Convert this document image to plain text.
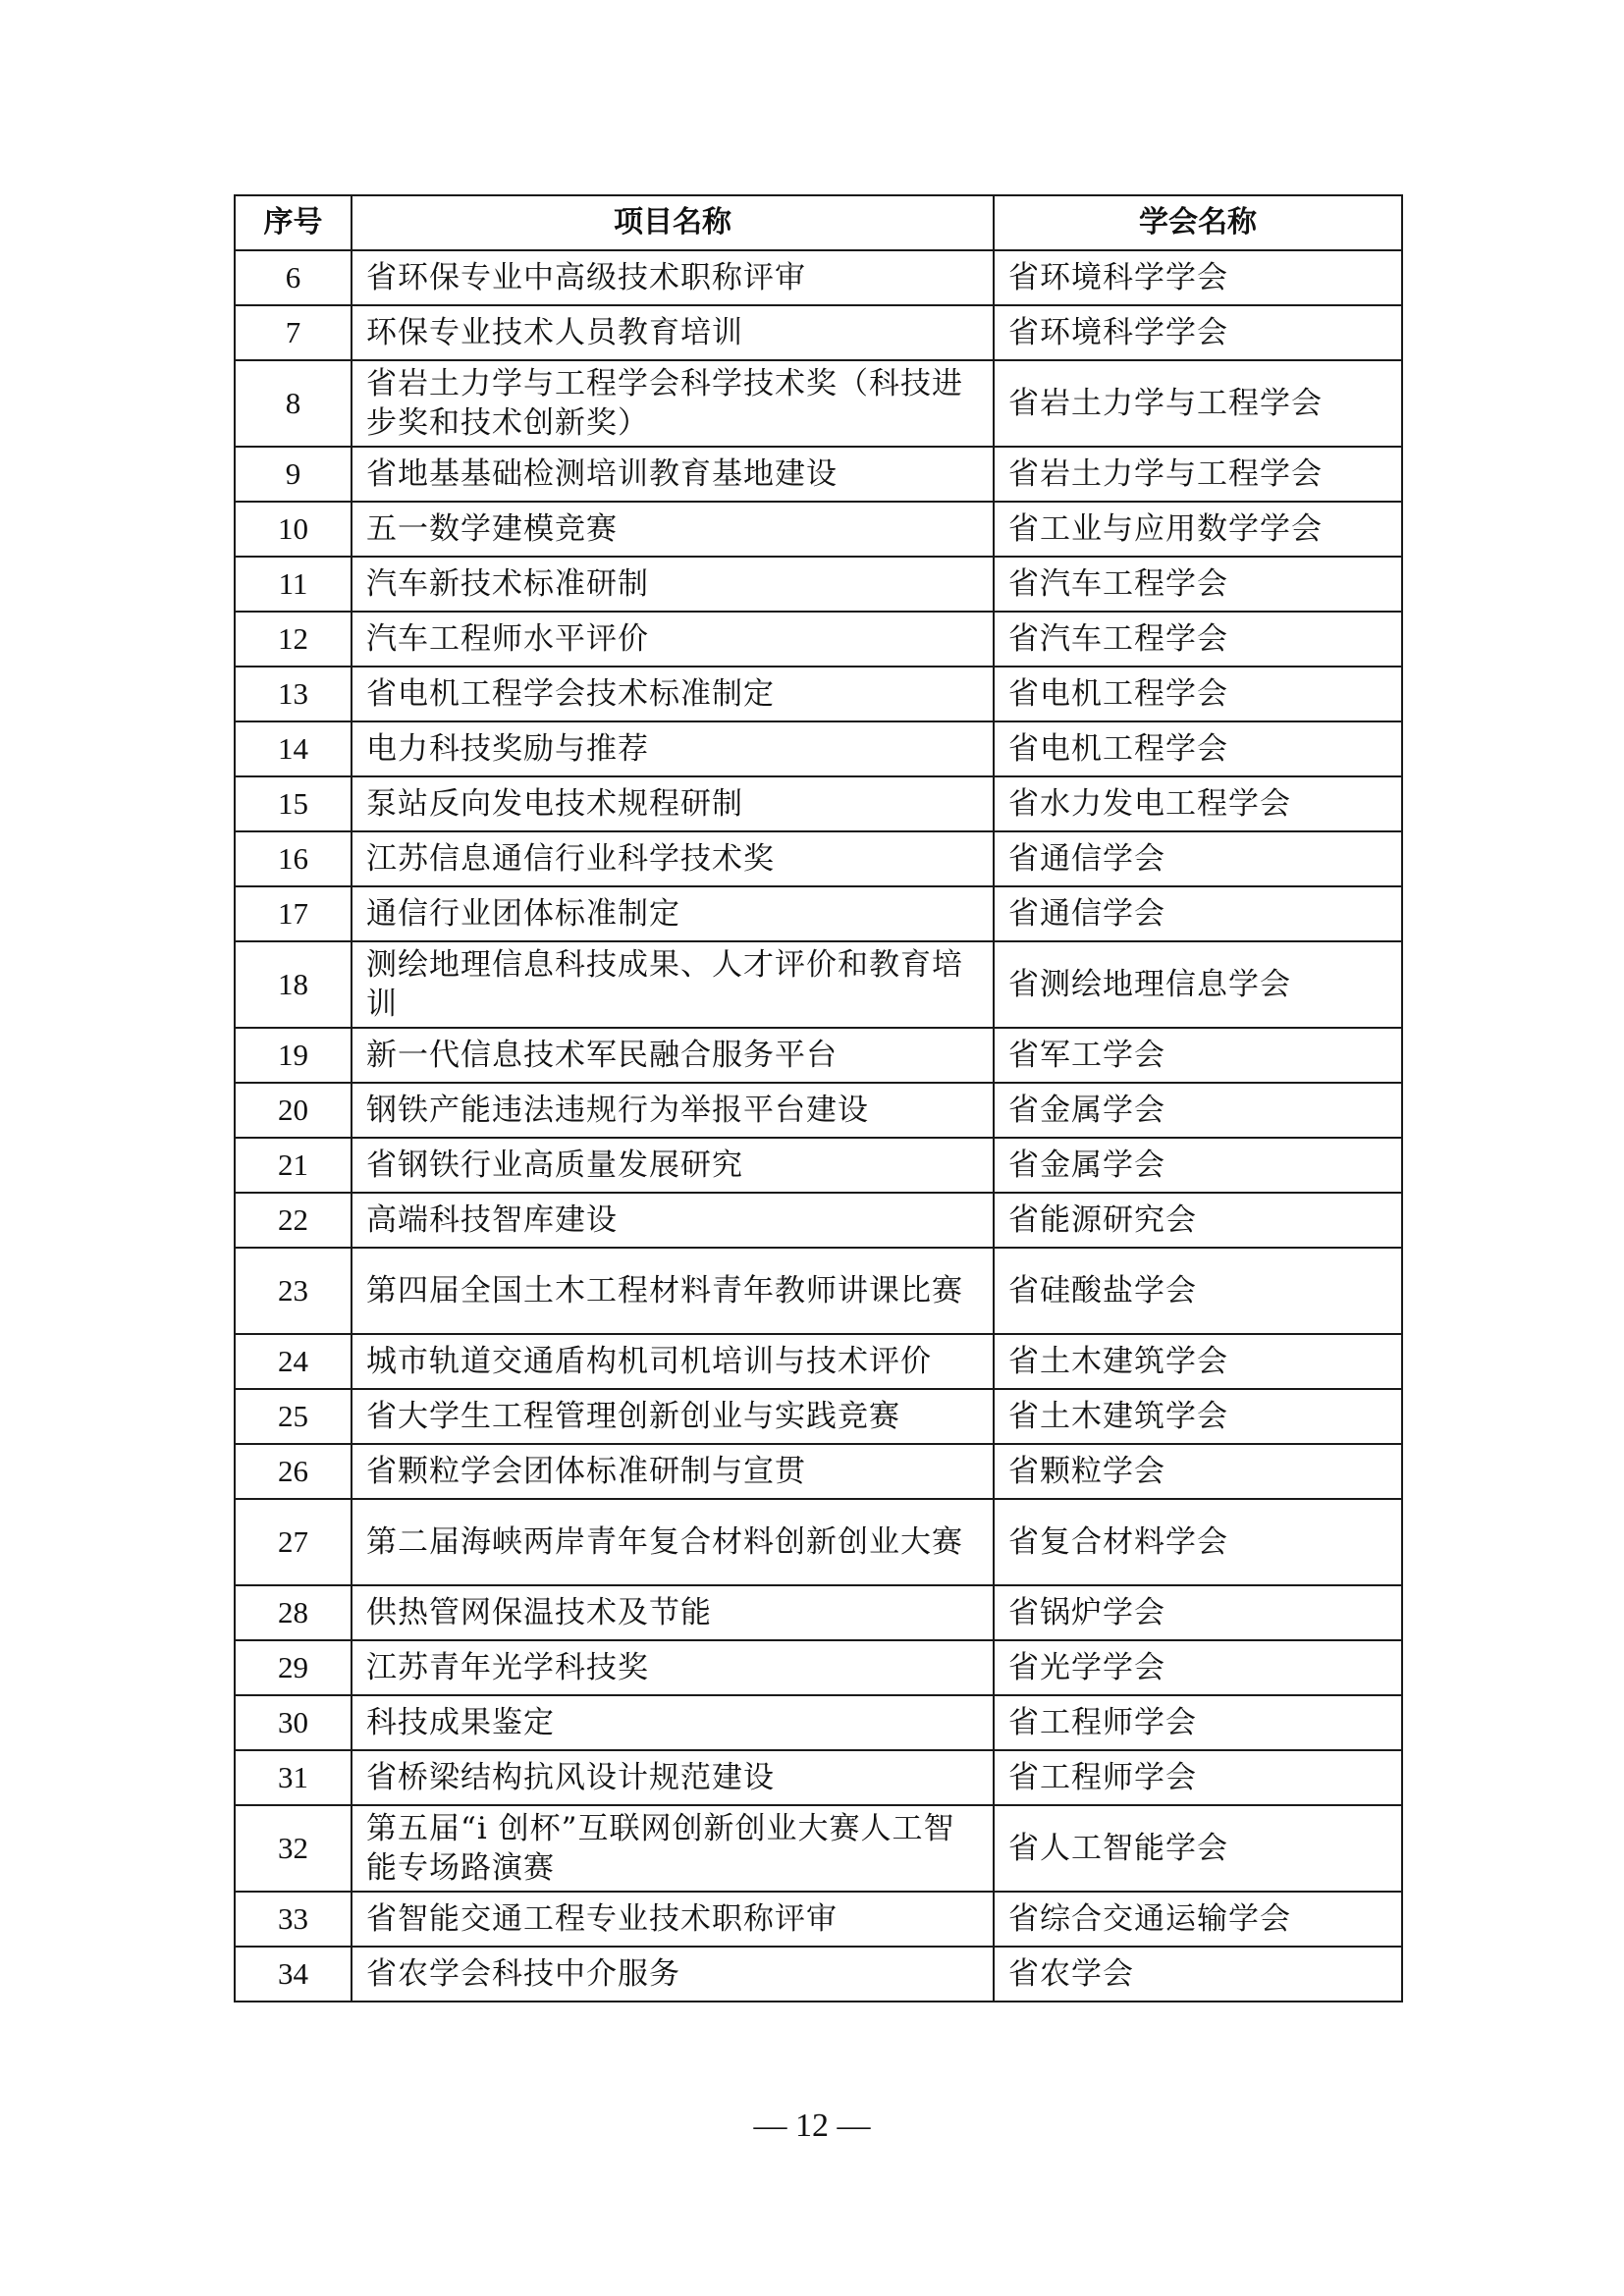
序号	项目名称	学会名称
6	省环保专业中高级技术职称评审	省环境科学学会
7	环保专业技术人员教育培训	省环境科学学会
8	省岩土力学与工程学会科学技术奖（科技进步奖和技术创新奖）	省岩土力学与工程学会
9	省地基基础检测培训教育基地建设	省岩土力学与工程学会
10	五一数学建模竞赛	省工业与应用数学学会
11	汽车新技术标准研制	省汽车工程学会
12	汽车工程师水平评价	省汽车工程学会
13	省电机工程学会技术标准制定	省电机工程学会
14	电力科技奖励与推荐	省电机工程学会
15	泵站反向发电技术规程研制	省水力发电工程学会
16	江苏信息通信行业科学技术奖	省通信学会
17	通信行业团体标准制定	省通信学会
18	测绘地理信息科技成果、人才评价和教育培训	省测绘地理信息学会
19	新一代信息技术军民融合服务平台	省军工学会
20	钢铁产能违法违规行为举报平台建设	省金属学会
21	省钢铁行业高质量发展研究	省金属学会
22	高端科技智库建设	省能源研究会
23	第四届全国土木工程材料青年教师讲课比赛	省硅酸盐学会
24	城市轨道交通盾构机司机培训与技术评价	省土木建筑学会
25	省大学生工程管理创新创业与实践竞赛	省土木建筑学会
26	省颗粒学会团体标准研制与宣贯	省颗粒学会
27	第二届海峡两岸青年复合材料创新创业大赛	省复合材料学会
28	供热管网保温技术及节能	省锅炉学会
29	江苏青年光学科技奖	省光学学会
30	科技成果鉴定	省工程师学会
31	省桥梁结构抗风设计规范建设	省工程师学会
32	第五届“i 创杯”互联网创新创业大赛人工智能专场路演赛	省人工智能学会
33	省智能交通工程专业技术职称评审	省综合交通运输学会
34	省农学会科技中介服务	省农学会
— 12 —
